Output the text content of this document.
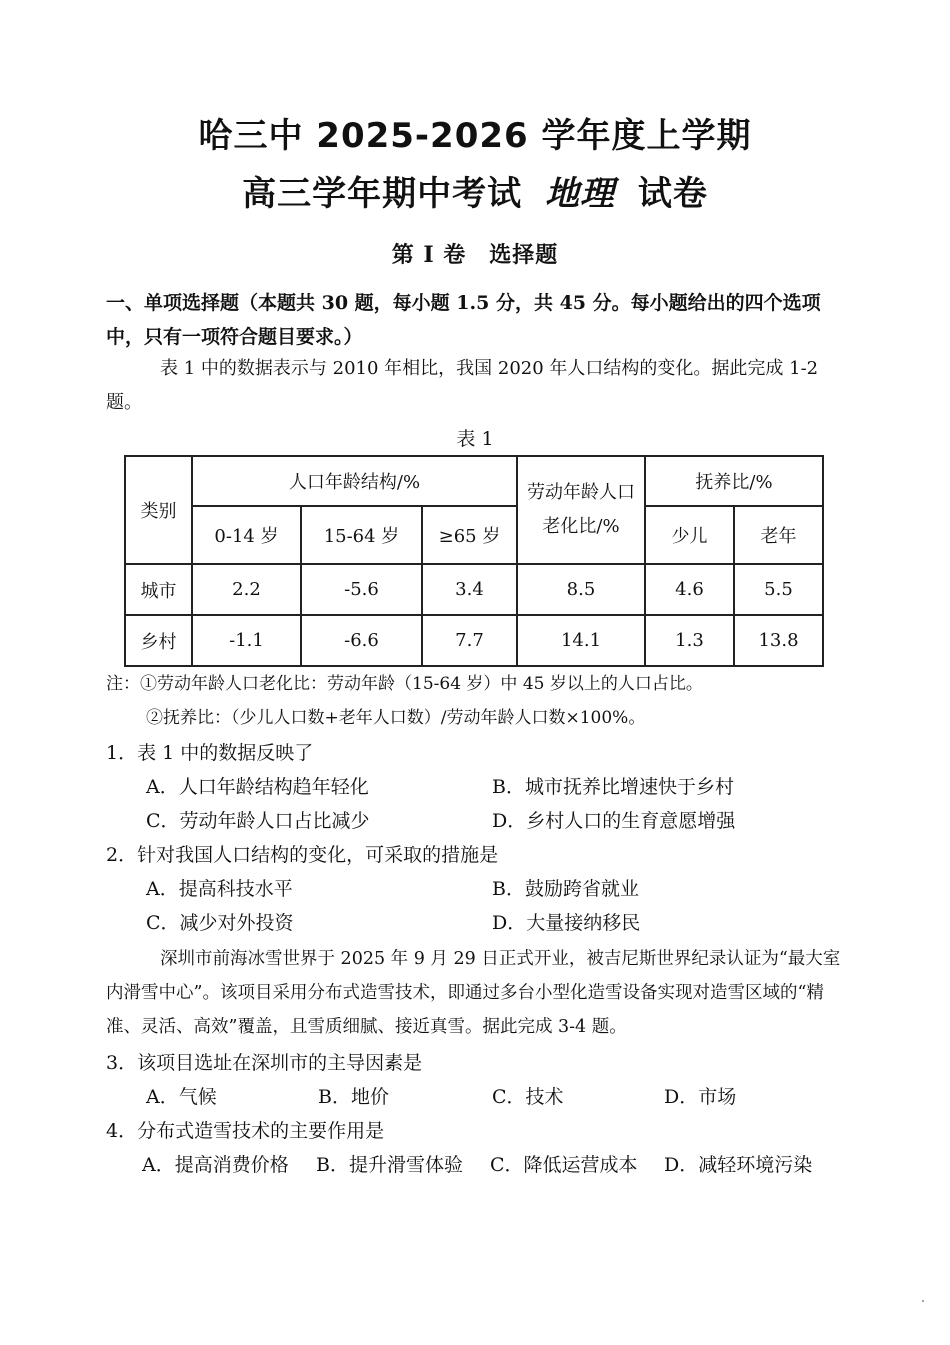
哈三中 2025-2026 学年度上学期
高三学年期中考试 地理 试卷
第 I 卷　选择题
一、单项选择题（本题共 30 题，每小题 1.5 分，共 45 分。每小题给出的四个选项中，只有一项符合题目要求。）
表 1 中的数据表示与 2010 年相比，我国 2020 年人口结构的变化。据此完成 1-2 题。
表 1
类别	人口年龄结构/%			劳动年龄人口老化比/%	抚养比/%	
	0-14 岁	15-64 岁	≥65 岁		少儿	老年
城市	2.2	-5.6	3.4	8.5	4.6	5.5
乡村	-1.1	-6.6	7.7	14.1	1.3	13.8
注：①劳动年龄人口老化比：劳动年龄（15-64 岁）中 45 岁以上的人口占比。
②抚养比：（少儿人口数+老年人口数）/劳动年龄人口数×100%。
1．表 1 中的数据反映了
A．人口年龄结构趋年轻化	B．城市抚养比增速快于乡村
C．劳动年龄人口占比减少	D．乡村人口的生育意愿增强
2．针对我国人口结构的变化，可采取的措施是
A．提高科技水平	B．鼓励跨省就业
C．减少对外投资	D．大量接纳移民
深圳市前海冰雪世界于 2025 年 9 月 29 日正式开业，被吉尼斯世界纪录认证为“最大室内滑雪中心”。该项目采用分布式造雪技术，即通过多台小型化造雪设备实现对造雪区域的“精准、灵活、高效”覆盖，且雪质细腻、接近真雪。据此完成 3-4 题。
3．该项目选址在深圳市的主导因素是
A．气候	B．地价	C．技术	D．市场
4．分布式造雪技术的主要作用是
A．提高消费价格 B．提升滑雪体验 C．降低运营成本 D．减轻环境污染
